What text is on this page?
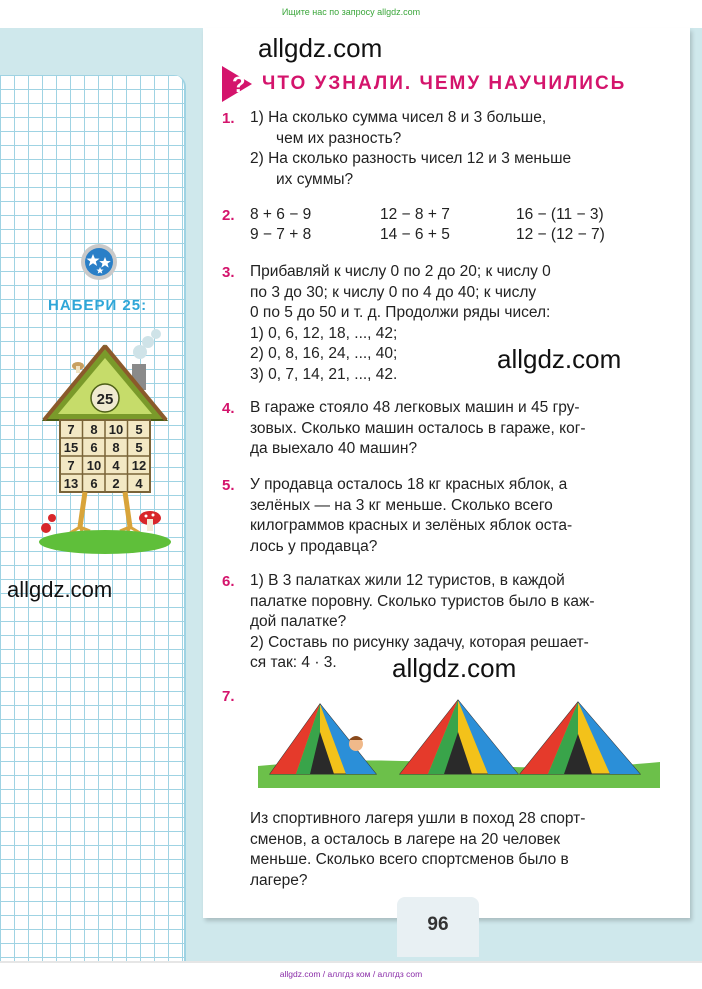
Ищите нас по запросу allgdz.com
allgdz.com
allgdz.com
allgdz.com
allgdz.com
? ЧТО УЗНАЛИ. ЧЕМУ НАУЧИЛИСЬ
НАБЕРИ 25:
25
7 8 10 5
15 6 8 5
7 10 4 12
13 6 2 4
1. 1) На сколько сумма чисел 8 и 3 больше,
чем их разность?
2) На сколько разность чисел 12 и 3 меньше
их суммы?
2. 8 + 6 − 9	12 − 8 + 7	16 − (11 − 3)
9 − 7 + 8	14 − 6 + 5	12 − (12 − 7)
3. Прибавляй к числу 0 по 2 до 20; к числу 0
по 3 до 30; к числу 0 по 4 до 40; к числу
0 по 5 до 50 и т. д. Продолжи ряды чисел:
1) 0, 6, 12, 18, ..., 42;
2) 0, 8, 16, 24, ..., 40;
3) 0, 7, 14, 21, ..., 42.
4. В гараже стояло 48 легковых машин и 45 гру-
зовых. Сколько машин осталось в гараже, ког-
да выехало 40 машин?
5. У продавца осталось 18 кг красных яблок, а
зелёных — на 3 кг меньше. Сколько всего
килограммов красных и зелёных яблок оста-
лось у продавца?
6. 1) В 3 палатках жили 12 туристов, в каждой
палатке поровну. Сколько туристов было в каж-
дой палатке?
2) Составь по рисунку задачу, которая решает-
ся так: 4 · 3.
7.
Из спортивного лагеря ушли в поход 28 спорт-
сменов, а осталось в лагере на 20 человек
меньше. Сколько всего спортсменов было в
лагере?
96
allgdz.com / аллгдз ком / аллгдз com
